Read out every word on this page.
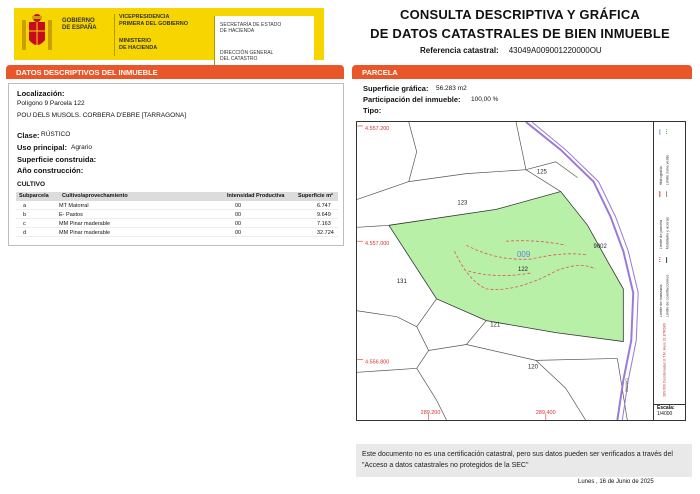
GOBIERNO
DE ESPAÑA
VICEPRESIDENCIA
PRIMERA DEL GOBIERNO
MINISTERIO
DE HACIENDA
SECRETARÍA DE ESTADO
DE HACIENDA
DIRECCIÓN GENERAL
DEL CATASTRO
CONSULTA DESCRIPTIVA Y GRÁFICA
DE DATOS CATASTRALES DE BIEN INMUEBLE
Referencia catastral: 43049A009001220000OU
DATOS DESCRIPTIVOS DEL INMUEBLE	PARCELA
Localización:
Polígono 9 Parcela 122
POU DELS MUSOLS. CORBERA D'EBRE [TARRAGONA]
Clase: RÚSTICO
Uso principal: Agrario
Superficie construida:
Año construcción:
CULTIVO
Subparcela Cultivo/aprovechamiento	Intensidad Productiva Superficie m²
a	MT Matorral	00	6.747
b	E- Pastos	00	9.649
c	MM Pinar maderable	00	7.163
d	MM Pinar maderable	00	32.724
Superficie gráfica: 56.283 m2
Participación del inmueble: 100,00 %
Tipo:
125
123
131
122
121
120
9002
009
CAMINO
4.557.200
4.557.000
4.556.800
289.200	289.400
Hidrografía Límite zona verde
Límite de parcela Mobiliario y aceras
Límite de manzana Límite de construcciones
289.600 Coordenadas U.T.M. Huso 31 ETRS89
Escala:
1/4000
Este documento no es una certificación catastral, pero sus datos pueden ser verificados a través del "Acceso a datos catastrales no protegidos de la SEC"
Lunes , 16 de Junio de 2025
